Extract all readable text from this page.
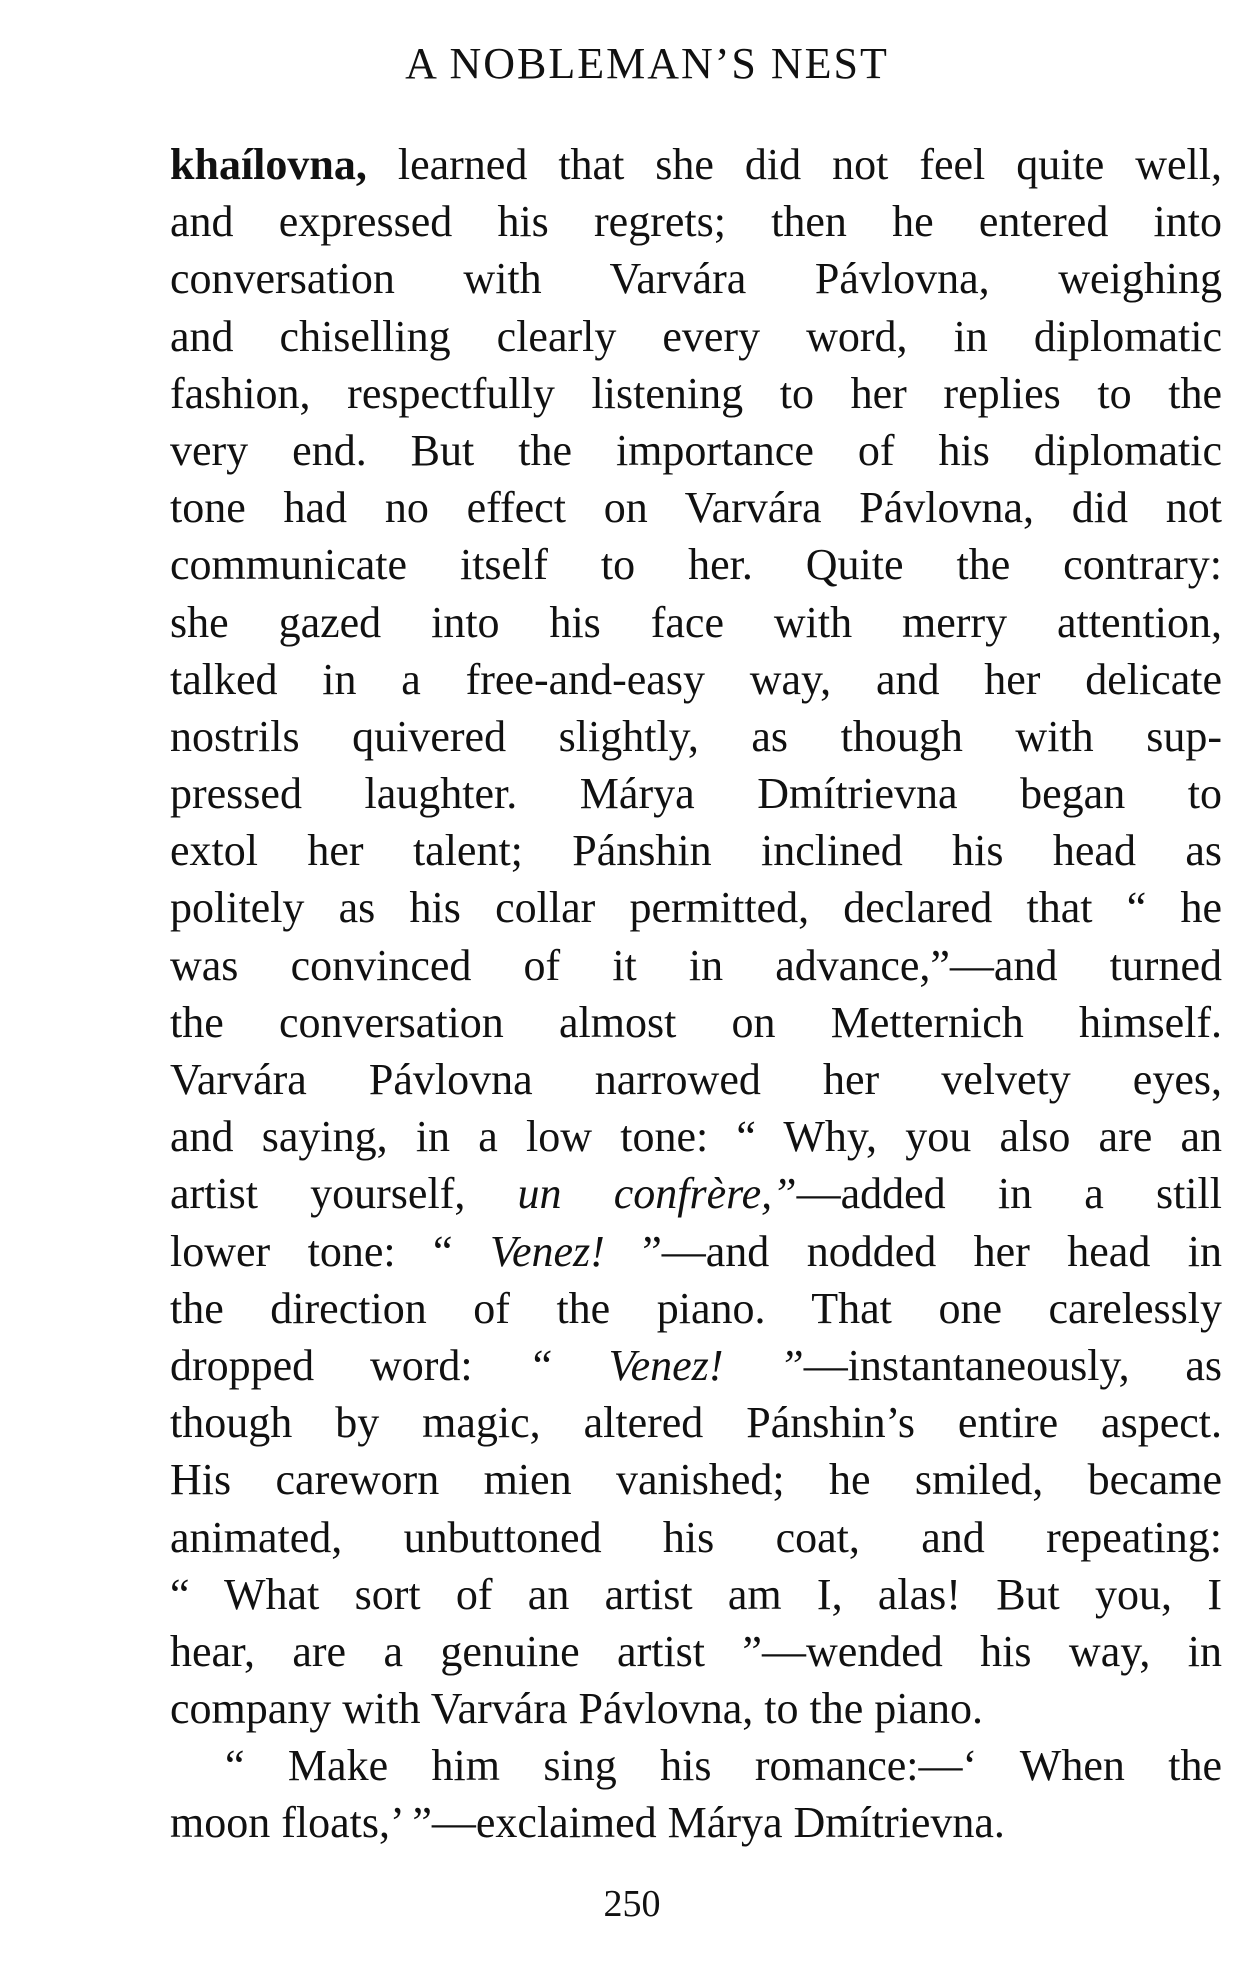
A NOBLEMAN’S NEST
khaílovna, learned that she did not feel quite well,
and expressed his regrets; then he entered into
conversation with Varvára Pávlovna, weighing
and chiselling clearly every word, in diplomatic
fashion, respectfully listening to her replies to the
very end. But the importance of his diplomatic
tone had no effect on Varvára Pávlovna, did not
communicate itself to her. Quite the contrary:
she gazed into his face with merry attention,
talked in a free-and-easy way, and her delicate
nostrils quivered slightly, as though with sup-
pressed laughter. Márya Dmítrievna began to
extol her talent; Pánshin inclined his head as
politely as his collar permitted, declared that “ he
was convinced of it in advance,”—and turned
the conversation almost on Metternich himself.
Varvára Pávlovna narrowed her velvety eyes,
and saying, in a low tone: “ Why, you also are an
artist yourself, un confrère,”—added in a still
lower tone: “ Venez! ”—and nodded her head in
the direction of the piano. That one carelessly
dropped word: “ Venez! ”—instantaneously, as
though by magic, altered Pánshin’s entire aspect.
His careworn mien vanished; he smiled, became
animated, unbuttoned his coat, and repeating:
“ What sort of an artist am I, alas! But you, I
hear, are a genuine artist ”—wended his way, in
company with Varvára Pávlovna, to the piano.
“ Make him sing his romance:—‘ When the
moon floats,’ ”—exclaimed Márya Dmítrievna.
250
